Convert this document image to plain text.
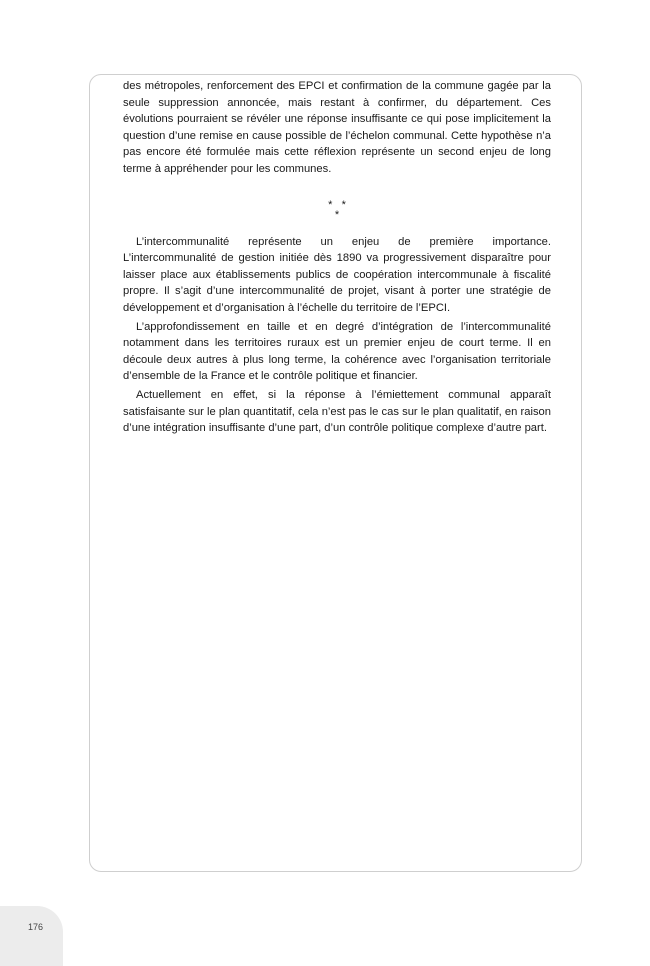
des métropoles, renforcement des EPCI et confirmation de la commune gagée par la seule suppression annoncée, mais restant à confirmer, du département. Ces évolutions pourraient se révéler une réponse insuffisante ce qui pose implicitement la question d’une remise en cause possible de l’échelon communal. Cette hypothèse n’a pas encore été formulée mais cette réflexion représente un second enjeu de long terme à appréhender pour les communes.

*   *
*

L’intercommunalité représente un enjeu de première importance. L’intercommunalité de gestion initiée dès 1890 va progressivement disparaître pour laisser place aux établissements publics de coopération intercommunale à fiscalité propre. Il s’agit d’une intercommunalité de projet, visant à porter une stratégie de développement et d’organisation à l’échelle du territoire de l’EPCI.

L’approfondissement en taille et en degré d’intégration de l’intercommunalité notamment dans les territoires ruraux est un premier enjeu de court terme. Il en découle deux autres à plus long terme, la cohérence avec l’organisation territoriale d’ensemble de la France et le contrôle politique et financier.

Actuellement en effet, si la réponse à l’émiettement communal apparaît satisfaisante sur le plan quantitatif, cela n’est pas le cas sur le plan qualitatif, en raison d’une intégration insuffisante d’une part, d’un contrôle politique complexe d’autre part.

176
